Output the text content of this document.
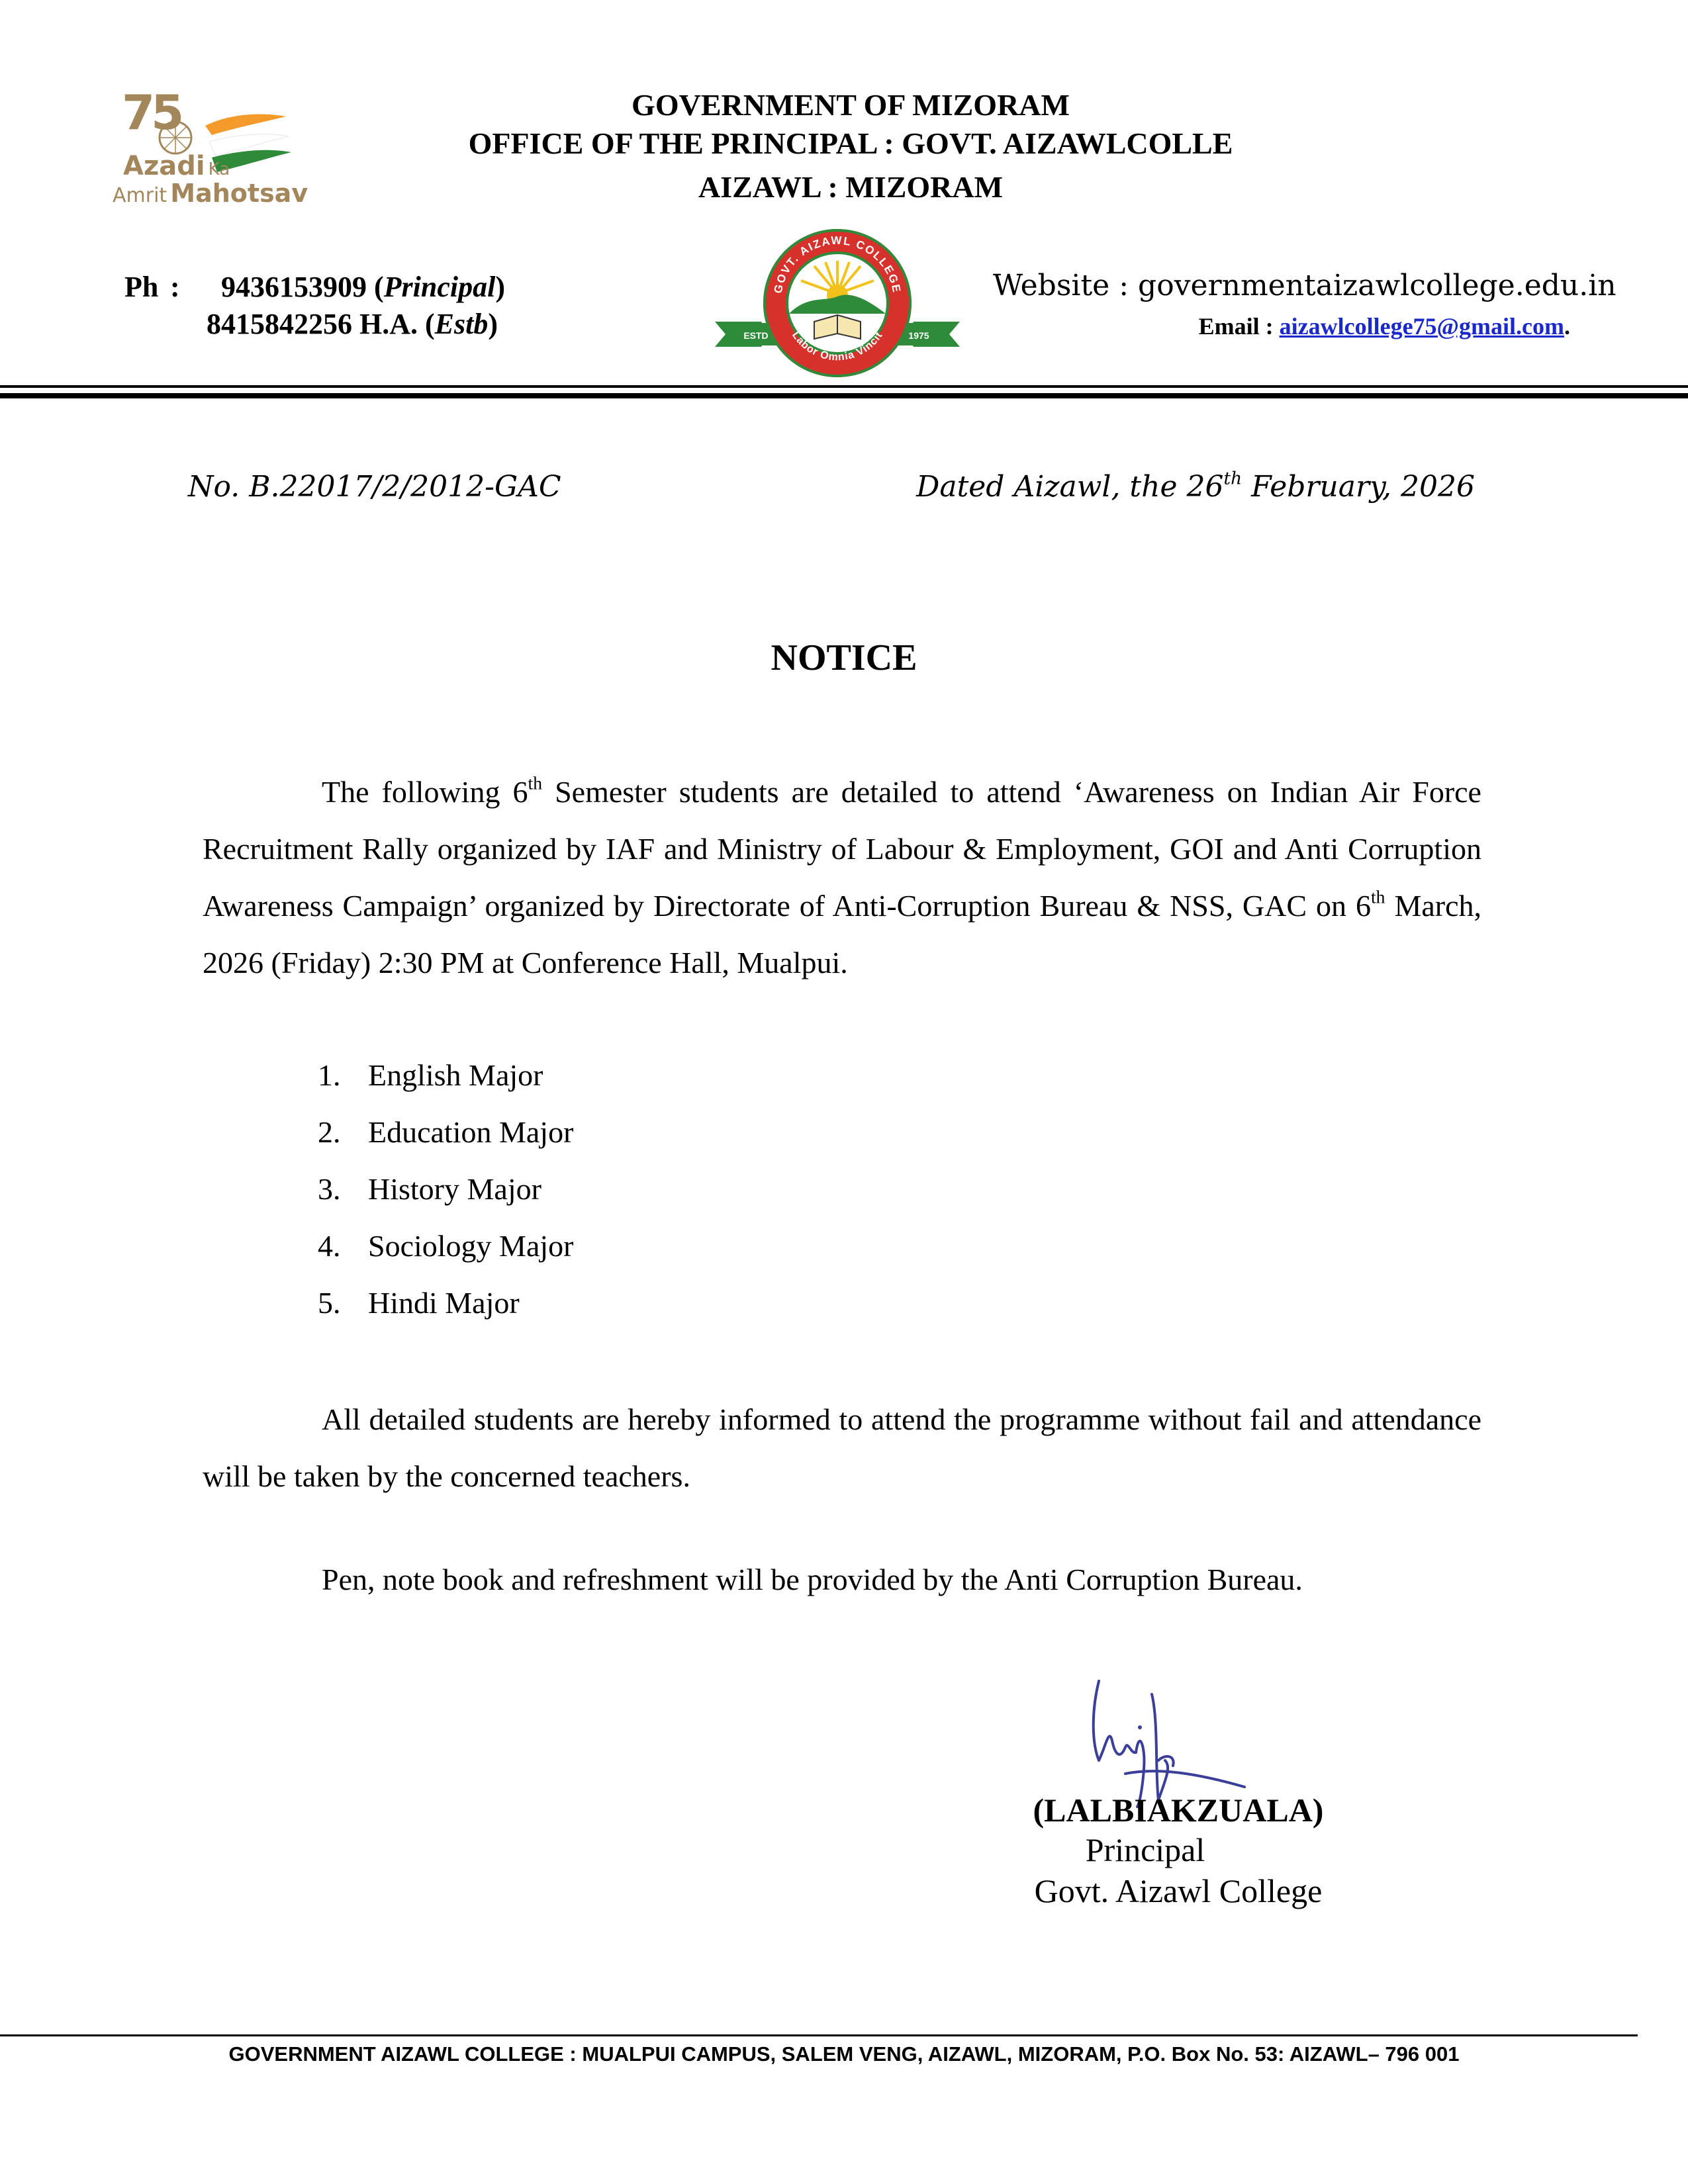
75
Azadi Ka
Amrit Mahotsav
GOVERNMENT OF MIZORAM
OFFICE OF THE PRINCIPAL : GOVT. AIZAWLCOLLE
AIZAWL : MIZORAM
Ph : 9436153909 (Principal)
8415842256 H.A. (Estb)
GOVT. AIZAWL COLLEGE
Labor Omnia Vincit
ESTD	1975
Website : governmentaizawlcollege.edu.in
Email : aizawlcollege75@gmail.com.
No. B.22017/2/2012-GAC	Dated Aizawl, the 26th February, 2026
NOTICE
The following 6th Semester students are detailed to attend ‘Awareness on Indian Air Force Recruitment Rally organized by IAF and Ministry of Labour & Employment, GOI and Anti Corruption Awareness Campaign’ organized by Directorate of Anti-Corruption Bureau & NSS, GAC on 6th March, 2026 (Friday) 2:30 PM at Conference Hall, Mualpui.
1. English Major
2. Education Major
3. History Major
4. Sociology Major
5. Hindi Major
All detailed students are hereby informed to attend the programme without fail and attendance will be taken by the concerned teachers.
Pen, note book and refreshment will be provided by the Anti Corruption Bureau.
(LALBIAKZUALA)
Principal
Govt. Aizawl College
GOVERNMENT AIZAWL COLLEGE : MUALPUI CAMPUS, SALEM VENG, AIZAWL, MIZORAM, P.O. Box No. 53: AIZAWL– 796 001
